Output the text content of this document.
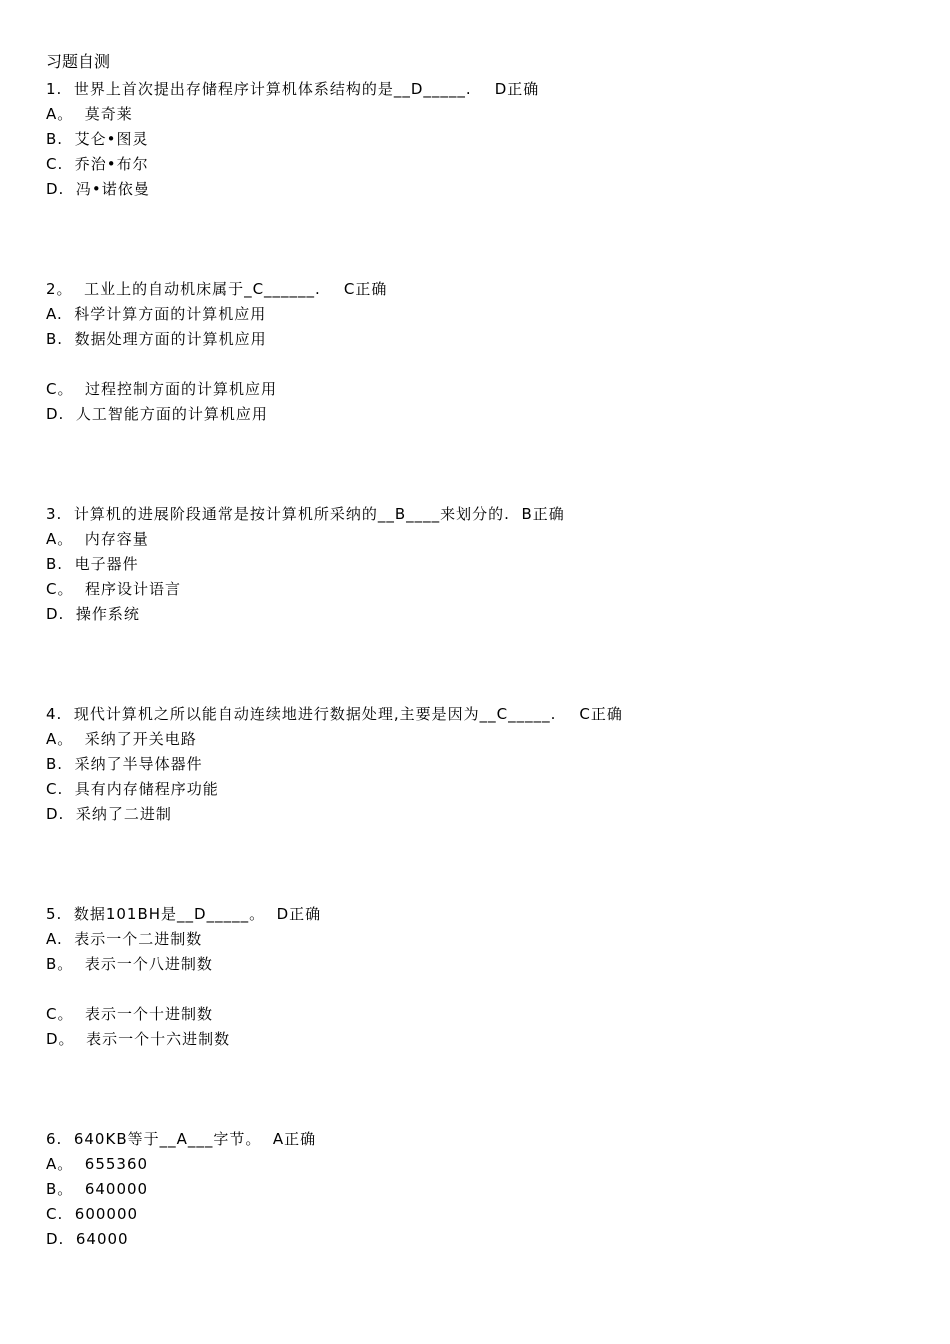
习题自测
1.  世界上首次提出存储程序计算机体系结构的是__D_____.    D正确
A。  莫奇莱
B.  艾仑•图灵
C.  乔治•布尔
D.  冯•诺依曼
2。  工业上的自动机床属于_C______.    C正确
A.  科学计算方面的计算机应用
B.  数据处理方面的计算机应用
C。  过程控制方面的计算机应用
D.  人工智能方面的计算机应用
3.  计算机的进展阶段通常是按计算机所采纳的__B____来划分的.  B正确
A。  内存容量
B.  电子器件
C。  程序设计语言
D.  操作系统
4.  现代计算机之所以能自动连续地进行数据处理,主要是因为__C_____.    C正确
A。  采纳了开关电路
B.  采纳了半导体器件
C.  具有内存储程序功能
D.  采纳了二进制
5.  数据101BH是__D_____。  D正确
A.  表示一个二进制数
B。  表示一个八进制数
C。  表示一个十进制数
D。  表示一个十六进制数
6.  640KB等于__A___字节。  A正确
A。  655360
B。  640000
C.  600000
D.  64000
